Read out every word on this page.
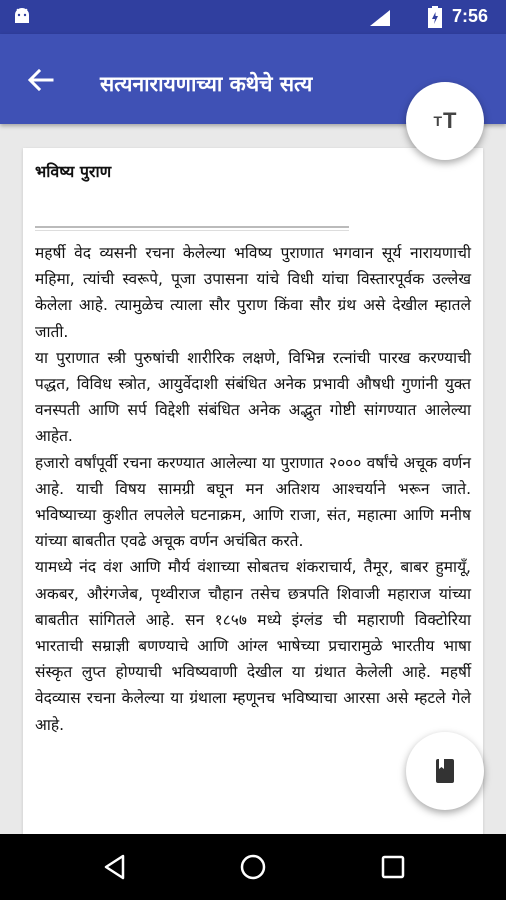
7:56
सत्यनारायणाच्या कथेचे सत्य
T T
भविष्य पुराण

महर्षी वेद व्यसनी रचना केलेल्या भविष्य पुराणात भगवान सूर्य नारायणाची महिमा, त्यांची स्वरूपे, पूजा उपासना यांचे विधी यांचा विस्तारपूर्वक उल्लेख केलेला आहे. त्यामुळेच त्याला सौर पुराण किंवा सौर ग्रंथ असे देखील म्हातले जाती.

या पुराणात स्त्री पुरुषांची शारीरिक लक्षणे, विभिन्न रत्नांची पारख करण्याची पद्धत, विविध स्त्रोत, आयुर्वेदाशी संबंधित अनेक प्रभावी औषधी गुणांनी युक्त वनस्पती आणि सर्प विद्देशी संबंधित अनेक अद्भुत गोष्टी सांगण्यात आलेल्या आहेत.

हजारो वर्षांपूर्वी रचना करण्यात आलेल्या या पुराणात २००० वर्षांचे अचूक वर्णन आहे. याची विषय सामग्री बघून मन अतिशय आश्चर्याने भरून जाते. भविष्याच्या कुशीत लपलेले घटनाक्रम, आणि राजा, संत, महात्मा आणि मनीष यांच्या बाबतीत एवढे अचूक वर्णन अचंबित करते.

यामध्ये नंद वंश आणि मौर्य वंशाच्या सोबतच शंकराचार्य, तैमूर, बाबर हुमायूँ, अकबर, औरंगजेब, पृथ्वीराज चौहान तसेच छत्रपति शिवाजी महाराज यांच्या बाबतीत सांगितले आहे. सन १८५७ मध्ये इंग्लंड ची महाराणी विक्टोरिया भारताची सम्राज्ञी बणण्याचे आणि आंग्ल भाषेच्या प्रचारामुळे भारतीय भाषा संस्कृत लुप्त होण्याची भविष्यवाणी देखील या ग्रंथात केलेली आहे. महर्षी वेदव्यास रचना केलेल्या या ग्रंथाला म्हणूनच भविष्याचा आरसा असे म्हटले गेले आहे.
